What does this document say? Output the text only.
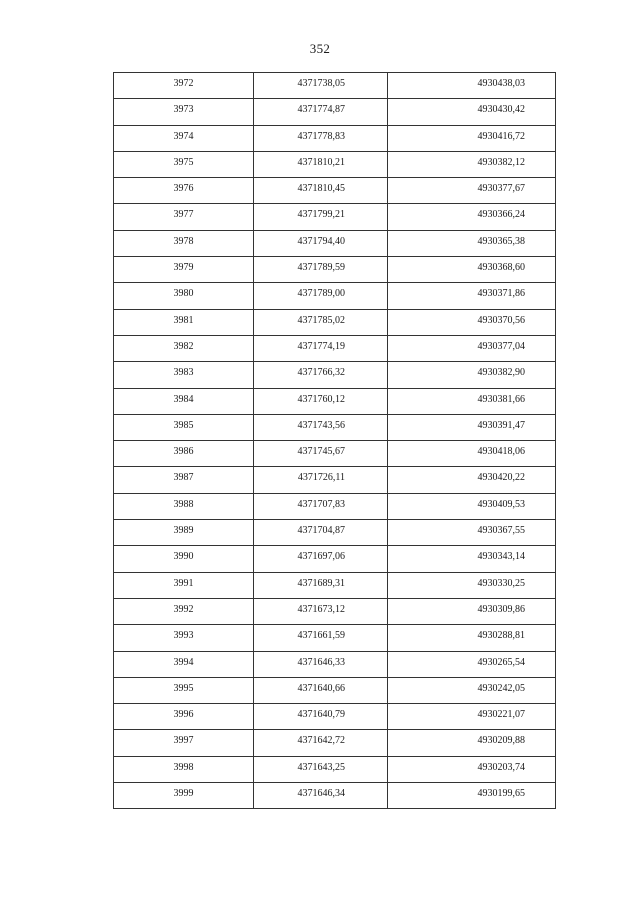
352
3972	4371738,05	4930438,03
3973	4371774,87	4930430,42
3974	4371778,83	4930416,72
3975	4371810,21	4930382,12
3976	4371810,45	4930377,67
3977	4371799,21	4930366,24
3978	4371794,40	4930365,38
3979	4371789,59	4930368,60
3980	4371789,00	4930371,86
3981	4371785,02	4930370,56
3982	4371774,19	4930377,04
3983	4371766,32	4930382,90
3984	4371760,12	4930381,66
3985	4371743,56	4930391,47
3986	4371745,67	4930418,06
3987	4371726,11	4930420,22
3988	4371707,83	4930409,53
3989	4371704,87	4930367,55
3990	4371697,06	4930343,14
3991	4371689,31	4930330,25
3992	4371673,12	4930309,86
3993	4371661,59	4930288,81
3994	4371646,33	4930265,54
3995	4371640,66	4930242,05
3996	4371640,79	4930221,07
3997	4371642,72	4930209,88
3998	4371643,25	4930203,74
3999	4371646,34	4930199,65
